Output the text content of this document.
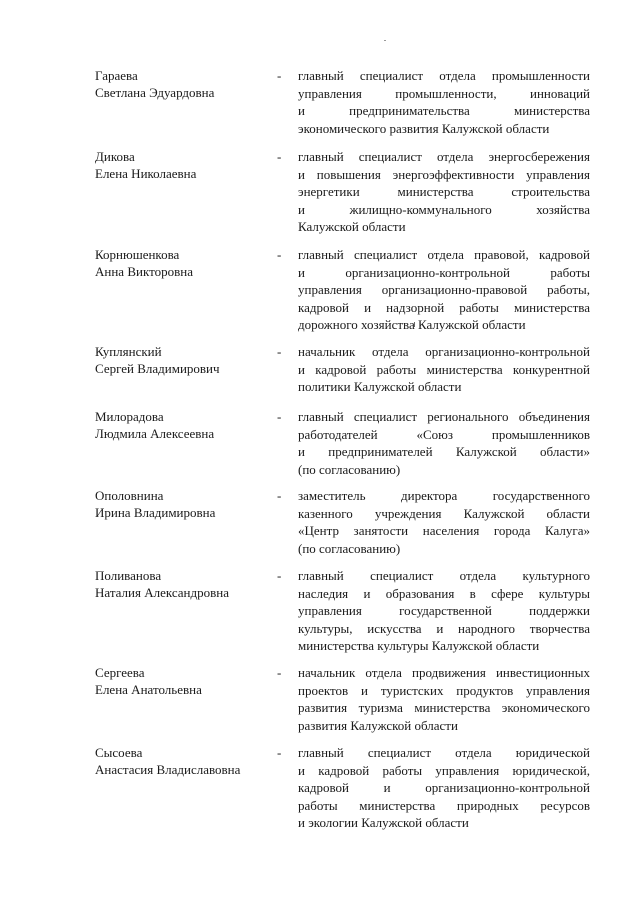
Гараева
Светлана Эдуардовна
- главный специалист отдела промышленности
управления промышленности, инноваций
и предпринимательства министерства
экономического развития Калужской области
Дикова
Елена Николаевна
- главный специалист отдела энергосбережения
и повышения энергоэффективности управления
энергетики министерства строительства
и жилищно-коммунального хозяйства
Калужской области
Корнюшенкова
Анна Викторовна
- главный специалист отдела правовой, кадровой
и организационно-контрольной работы
управления организационно-правовой работы,
кадровой и надзорной работы министерства
дорожного хозяйства Калужской области
Куплянский
Сергей Владимирович
- начальник отдела организационно-контрольной
и кадровой работы министерства конкурентной
политики Калужской области
Милорадова
Людмила Алексеевна
- главный специалист регионального объединения
работодателей «Союз промышленников
и предпринимателей Калужской области»
(по согласованию)
Ополовнина
Ирина Владимировна
- заместитель директора государственного
казенного учреждения Калужской области
«Центр занятости населения города Калуга»
(по согласованию)
Поливанова
Наталия Александровна
- главный специалист отдела культурного
наследия и образования в сфере культуры
управления государственной поддержки
культуры, искусства и народного творчества
министерства культуры Калужской области
Сергеева
Елена Анатольевна
- начальник отдела продвижения инвестиционных
проектов и туристских продуктов управления
развития туризма министерства экономического
развития Калужской области
Сысоева
Анастасия Владиславовна
- главный специалист отдела юридической
и кадровой работы управления юридической,
кадровой и организационно-контрольной
работы министерства природных ресурсов
и экологии Калужской области
